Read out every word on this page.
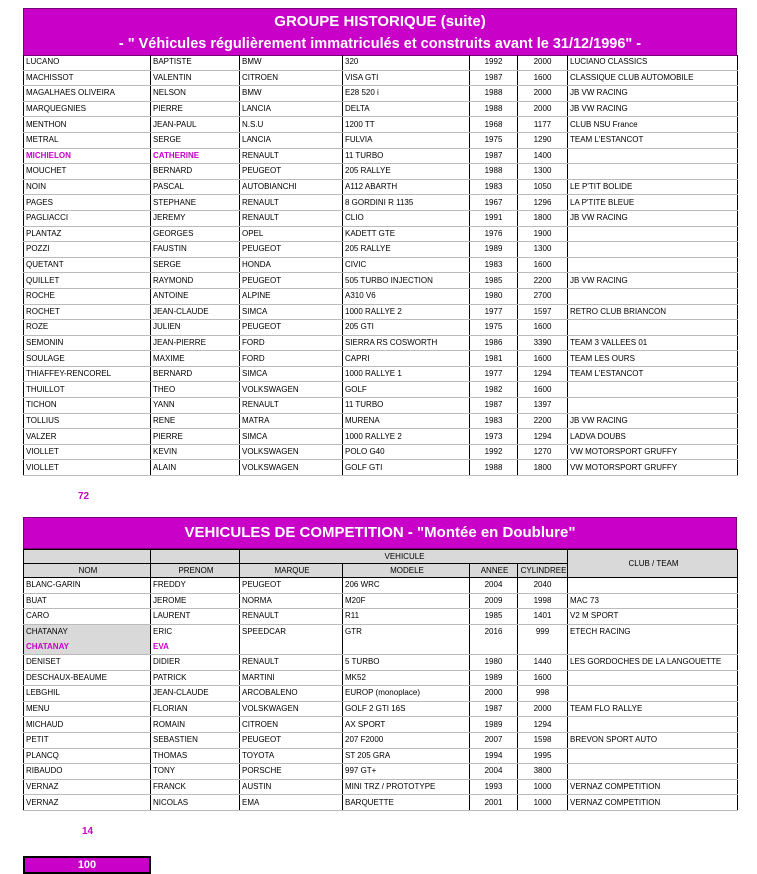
GROUPE HISTORIQUE (suite)
- " Véhicules régulièrement immatriculés et construits avant le 31/12/1996" -
LUCANO	BAPTISTE	BMW	320	1992	2000	LUCIANO CLASSICS
MACHISSOT	VALENTIN	CITROEN	VISA GTI	1987	1600	CLASSIQUE CLUB AUTOMOBILE
MAGALHAES OLIVEIRA	NELSON	BMW	E28 520 i	1988	2000	JB VW RACING
MARQUEGNIES	PIERRE	LANCIA	DELTA	1988	2000	JB VW RACING
MENTHON	JEAN-PAUL	N.S.U	1200 TT	1968	1177	CLUB NSU France
METRAL	SERGE	LANCIA	FULVIA	1975	1290	TEAM L'ESTANCOT
MICHIELON	CATHERINE	RENAULT	11 TURBO	1987	1400	
MOUCHET	BERNARD	PEUGEOT	205 RALLYE	1988	1300	
NOIN	PASCAL	AUTOBIANCHI	A112 ABARTH	1983	1050	LE P'TIT BOLIDE
PAGES	STEPHANE	RENAULT	8 GORDINI R 1135	1967	1296	LA P'TITE BLEUE
PAGLIACCI	JEREMY	RENAULT	CLIO	1991	1800	JB VW RACING
PLANTAZ	GEORGES	OPEL	KADETT GTE	1976	1900	
POZZI	FAUSTIN	PEUGEOT	205 RALLYE	1989	1300	
QUETANT	SERGE	HONDA	CIVIC	1983	1600	
QUILLET	RAYMOND	PEUGEOT	505 TURBO INJECTION	1985	2200	JB VW RACING
ROCHE	ANTOINE	ALPINE	A310 V6	1980	2700	
ROCHET	JEAN-CLAUDE	SIMCA	1000 RALLYE 2	1977	1597	RETRO CLUB BRIANCON
ROZE	JULIEN	PEUGEOT	205 GTI	1975	1600	
SEMONIN	JEAN-PIERRE	FORD	SIERRA RS COSWORTH	1986	3390	TEAM 3 VALLEES 01
SOULAGE	MAXIME	FORD	CAPRI	1981	1600	TEAM LES OURS
THIAFFEY-RENCOREL	BERNARD	SIMCA	1000 RALLYE 1	1977	1294	TEAM L'ESTANCOT
THUILLOT	THEO	VOLKSWAGEN	GOLF	1982	1600	
TICHON	YANN	RENAULT	11 TURBO	1987	1397	
TOLLIUS	RENE	MATRA	MURENA	1983	2200	JB VW RACING
VALZER	PIERRE	SIMCA	1000 RALLYE 2	1973	1294	LADVA DOUBS
VIOLLET	KEVIN	VOLKSWAGEN	POLO G40	1992	1270	VW MOTORSPORT GRUFFY
VIOLLET	ALAIN	VOLKSWAGEN	GOLF GTI	1988	1800	VW MOTORSPORT GRUFFY
72
VEHICULES DE COMPETITION - "Montée en Doublure"
		VEHICULE				CLUB / TEAM
NOM	PRENOM	MARQUE	MODELE	ANNEE	CYLINDREE	
BLANC-GARIN	FREDDY	PEUGEOT	206 WRC	2004	2040	
BUAT	JEROME	NORMA	M20F	2009	1998	MAC 73
CARO	LAURENT	RENAULT	R11	1985	1401	V2 M SPORT
CHATANAY	ERIC	SPEEDCAR	GTR	2016	999	ETECH RACING
CHATANAY	EVA					
DENISET	DIDIER	RENAULT	5 TURBO	1980	1440	LES GORDOCHES DE LA LANGOUETTE
DESCHAUX-BEAUME	PATRICK	MARTINI	MK52	1989	1600	
LEBGHIL	JEAN-CLAUDE	ARCOBALENO	EUROP (monoplace)	2000	998	
MENU	FLORIAN	VOLSKWAGEN	GOLF 2 GTI 16S	1987	2000	TEAM FLO RALLYE
MICHAUD	ROMAIN	CITROEN	AX SPORT	1989	1294	
PETIT	SEBASTIEN	PEUGEOT	207 F2000	2007	1598	BREVON SPORT AUTO
PLANCQ	THOMAS	TOYOTA	ST 205 GRA	1994	1995	
RIBAUDO	TONY	PORSCHE	997 GT+	2004	3800	
VERNAZ	FRANCK	AUSTIN	MINI TRZ / PROTOTYPE	1993	1000	VERNAZ COMPETITION
VERNAZ	NICOLAS	EMA	BARQUETTE	2001	1000	VERNAZ COMPETITION
14
100
